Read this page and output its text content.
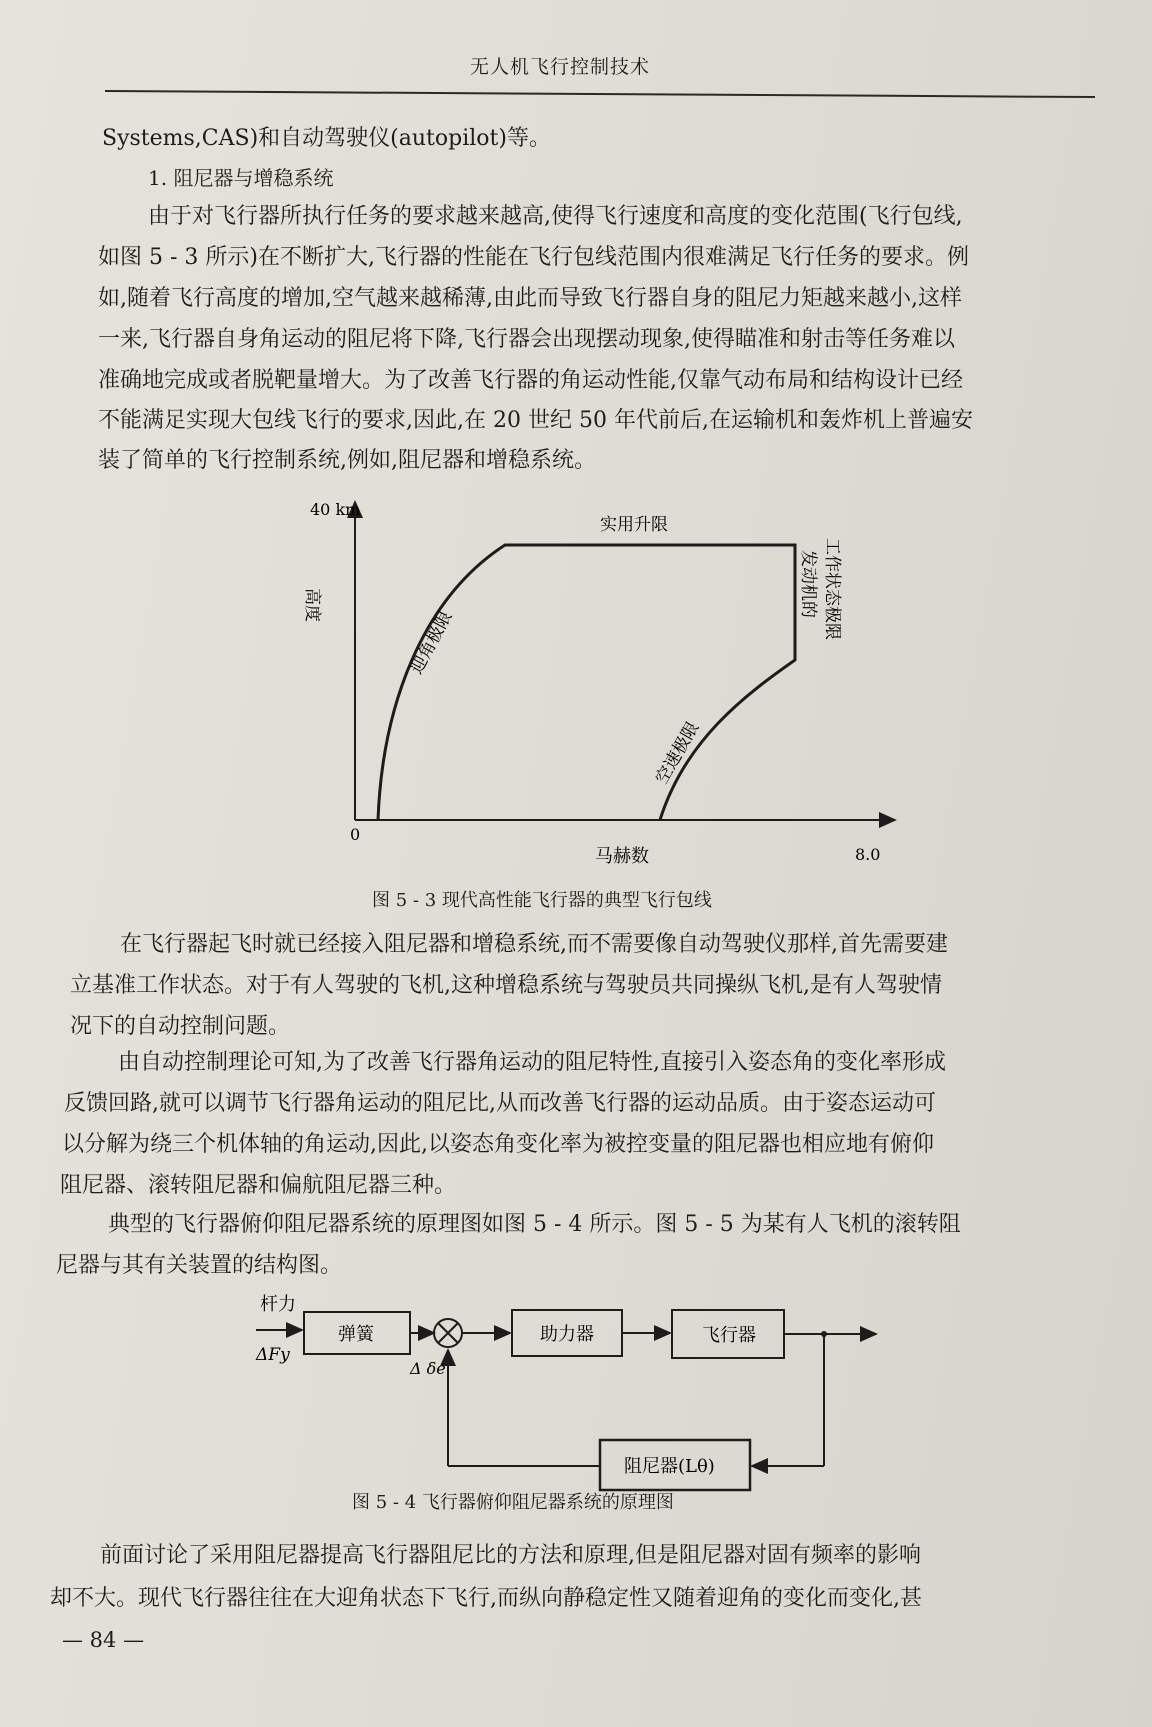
无人机飞行控制技术
Systems,CAS)和自动驾驶仪(autopilot)等。
1. 阻尼器与增稳系统
由于对飞行器所执行任务的要求越来越高,使得飞行速度和高度的变化范围(飞行包线,
如图 5 - 3 所示)在不断扩大,飞行器的性能在飞行包线范围内很难满足飞行任务的要求。例
如,随着飞行高度的增加,空气越来越稀薄,由此而导致飞行器自身的阻尼力矩越来越小,这样
一来,飞行器自身角运动的阻尼将下降,飞行器会出现摆动现象,使得瞄准和射击等任务难以
准确地完成或者脱靶量增大。为了改善飞行器的角运动性能,仅靠气动布局和结构设计已经
不能满足实现大包线飞行的要求,因此,在 20 世纪 50 年代前后,在运输机和轰炸机上普遍安
装了简单的飞行控制系统,例如,阻尼器和增稳系统。
40 km
0
8.0
马赫数
实用升限
高度
迎角极限
空速极限
发动机的 工作状态极限
图 5 - 3 现代高性能飞行器的典型飞行包线
在飞行器起飞时就已经接入阻尼器和增稳系统,而不需要像自动驾驶仪那样,首先需要建
立基准工作状态。对于有人驾驶的飞机,这种增稳系统与驾驶员共同操纵飞机,是有人驾驶情
况下的自动控制问题。
由自动控制理论可知,为了改善飞行器角运动的阻尼特性,直接引入姿态角的变化率形成
反馈回路,就可以调节飞行器角运动的阻尼比,从而改善飞行器的运动品质。由于姿态运动可
以分解为绕三个机体轴的角运动,因此,以姿态角变化率为被控变量的阻尼器也相应地有俯仰
阻尼器、滚转阻尼器和偏航阻尼器三种。
典型的飞行器俯仰阻尼器系统的原理图如图 5 - 4 所示。图 5 - 5 为某有人飞机的滚转阻
尼器与其有关装置的结构图。
杆力
ΔFy
弹簧
Δ δe
助力器	飞行器
阻尼器(Lθ)
图 5 - 4 飞行器俯仰阻尼器系统的原理图
前面讨论了采用阻尼器提高飞行器阻尼比的方法和原理,但是阻尼器对固有频率的影响
却不大。现代飞行器往往在大迎角状态下飞行,而纵向静稳定性又随着迎角的变化而变化,甚
— 84 —
